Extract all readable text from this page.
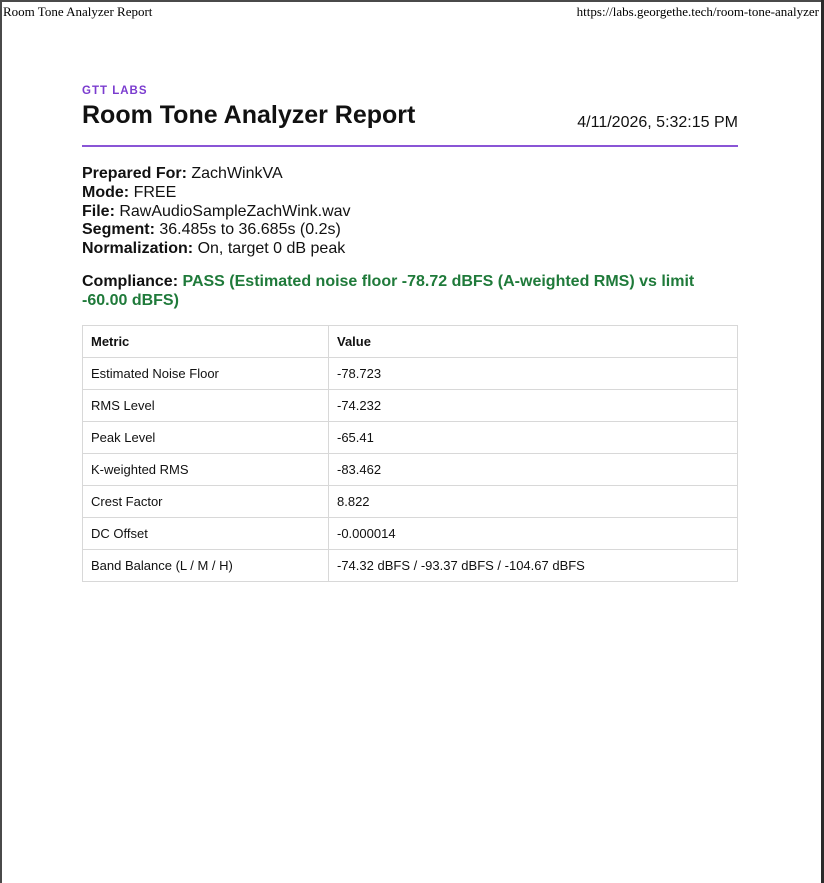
Room Tone Analyzer Report	https://labs.georgethe.tech/room-tone-analyzer
GTT LABS
Room Tone Analyzer Report	4/11/2026, 5:32:15 PM
Prepared For: ZachWinkVA
Mode: FREE
File: RawAudioSampleZachWink.wav
Segment: 36.485s to 36.685s (0.2s)
Normalization: On, target 0 dB peak
Compliance: PASS (Estimated noise floor -78.72 dBFS (A-weighted RMS) vs limit -60.00 dBFS)
Metric	Value
Estimated Noise Floor	-78.723
RMS Level	-74.232
Peak Level	-65.41
K-weighted RMS	-83.462
Crest Factor	8.822
DC Offset	-0.000014
Band Balance (L / M / H)	-74.32 dBFS / -93.37 dBFS / -104.67 dBFS
